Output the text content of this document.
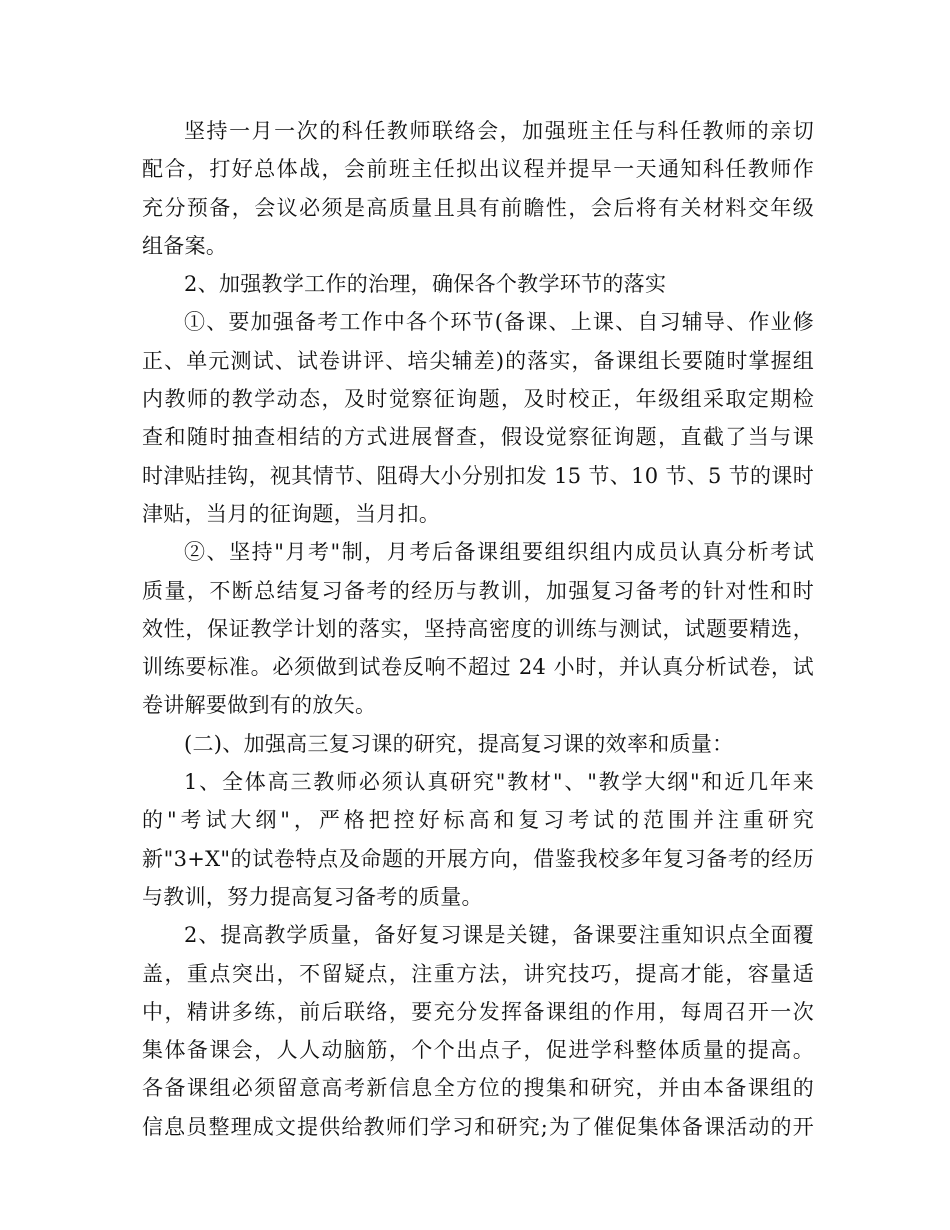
坚持一月一次的科任教师联络会，加强班主任与科任教师的亲切
配合，打好总体战，会前班主任拟出议程并提早一天通知科任教师作
充分预备，会议必须是高质量且具有前瞻性，会后将有关材料交年级
组备案。
2、加强教学工作的治理，确保各个教学环节的落实
①、要加强备考工作中各个环节(备课、上课、自习辅导、作业修
正、单元测试、试卷讲评、培尖辅差)的落实，备课组长要随时掌握组
内教师的教学动态，及时觉察征询题，及时校正，年级组采取定期检
查和随时抽查相结的方式进展督查，假设觉察征询题，直截了当与课
时津贴挂钩，视其情节、阻碍大小分别扣发 15 节、10 节、5 节的课时
津贴，当月的征询题，当月扣。
②、坚持"月考"制，月考后备课组要组织组内成员认真分析考试
质量，不断总结复习备考的经历与教训，加强复习备考的针对性和时
效性，保证教学计划的落实，坚持高密度的训练与测试，试题要精选，
训练要标准。必须做到试卷反响不超过 24 小时，并认真分析试卷，试
卷讲解要做到有的放矢。
(二)、加强高三复习课的研究，提高复习课的效率和质量：
1、全体高三教师必须认真研究"教材"、"教学大纲"和近几年来
的"考试大纲"，严格把控好标高和复习考试的范围并注重研究
新"3+X"的试卷特点及命题的开展方向，借鉴我校多年复习备考的经历
与教训，努力提高复习备考的质量。
2、提高教学质量，备好复习课是关键，备课要注重知识点全面覆
盖，重点突出，不留疑点，注重方法，讲究技巧，提高才能，容量适
中，精讲多练，前后联络，要充分发挥备课组的作用，每周召开一次
集体备课会，人人动脑筋，个个出点子，促进学科整体质量的提高。
各备课组必须留意高考新信息全方位的搜集和研究，并由本备课组的
信息员整理成文提供给教师们学习和研究;为了催促集体备课活动的开
